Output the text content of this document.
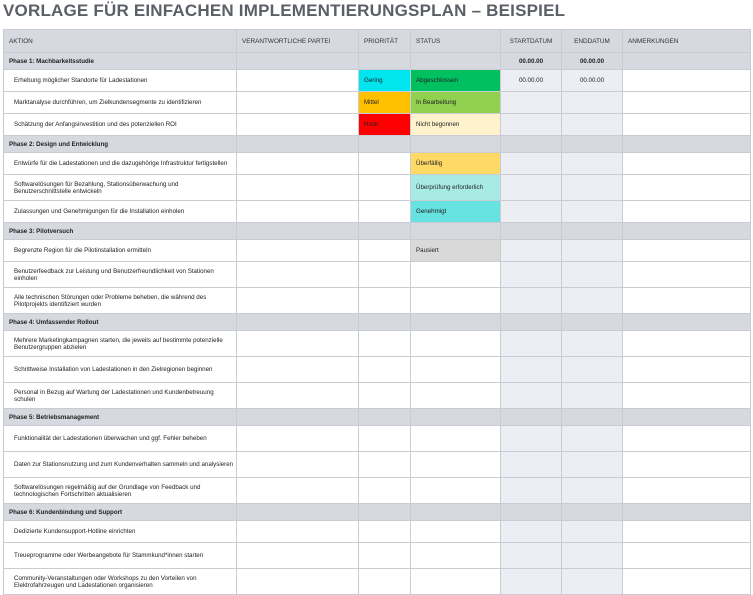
VORLAGE FÜR EINFACHEN IMPLEMENTIERUNGSPLAN – BEISPIEL
AKTION	VERANTWORTLICHE PARTEI	PRIORITÄT	STATUS	STARTDATUM	ENDDATUM	ANMERKUNGEN
Phase 1: Machbarkeitsstudie				00.00.00	00.00.00	
Erhebung möglicher Standorte für Ladestationen		Gering	Abgeschlossen	00.00.00	00.00.00	
Marktanalyse durchführen, um Zielkundensegmente zu identifizieren		Mittel	In Bearbeitung			
Schätzung der Anfangsinvestition und des potenziellen ROI		Hoch	Nicht begonnen			
Phase 2: Design und Entwicklung						
Entwürfe für die Ladestationen und die dazugehörige Infrastruktur fertigstellen			Überfällig			
Softwarelösungen für Bezahlung, Stationsüberwachung und Benutzerschnittstelle entwickeln			Überprüfung erforderlich			
Zulassungen und Genehmigungen für die Installation einholen			Genehmigt			
Phase 3: Pilotversuch						
Begrenzte Region für die Pilotinstallation ermitteln			Pausiert			
Benutzerfeedback zur Leistung und Benutzerfreundlichkeit von Stationen einholen						
Alle technischen Störungen oder Probleme beheben, die während des Pilotprojekts identifiziert wurden						
Phase 4: Umfassender Rollout						
Mehrere Marketingkampagnen starten, die jeweils auf bestimmte potenzielle Benutzergruppen abzielen						
Schrittweise Installation von Ladestationen in den Zielregionen beginnen						
Personal in Bezug auf Wartung der Ladestationen und Kundenbetreuung schulen						
Phase 5: Betriebsmanagement						
Funktionalität der Ladestationen überwachen und ggf. Fehler beheben						
Daten zur Stationsnutzung und zum Kundenverhalten sammeln und analysieren						
Softwarelösungen regelmäßig auf der Grundlage von Feedback und technologischen Fortschritten aktualisieren						
Phase 6: Kundenbindung und Support						
Dedizierte Kundensupport-Hotline einrichten						
Treueprogramme oder Werbeangebote für Stammkund*innen starten						
Community-Veranstaltungen oder Workshops zu den Vorteilen von Elektrofahrzeugen und Ladestationen organisieren						
